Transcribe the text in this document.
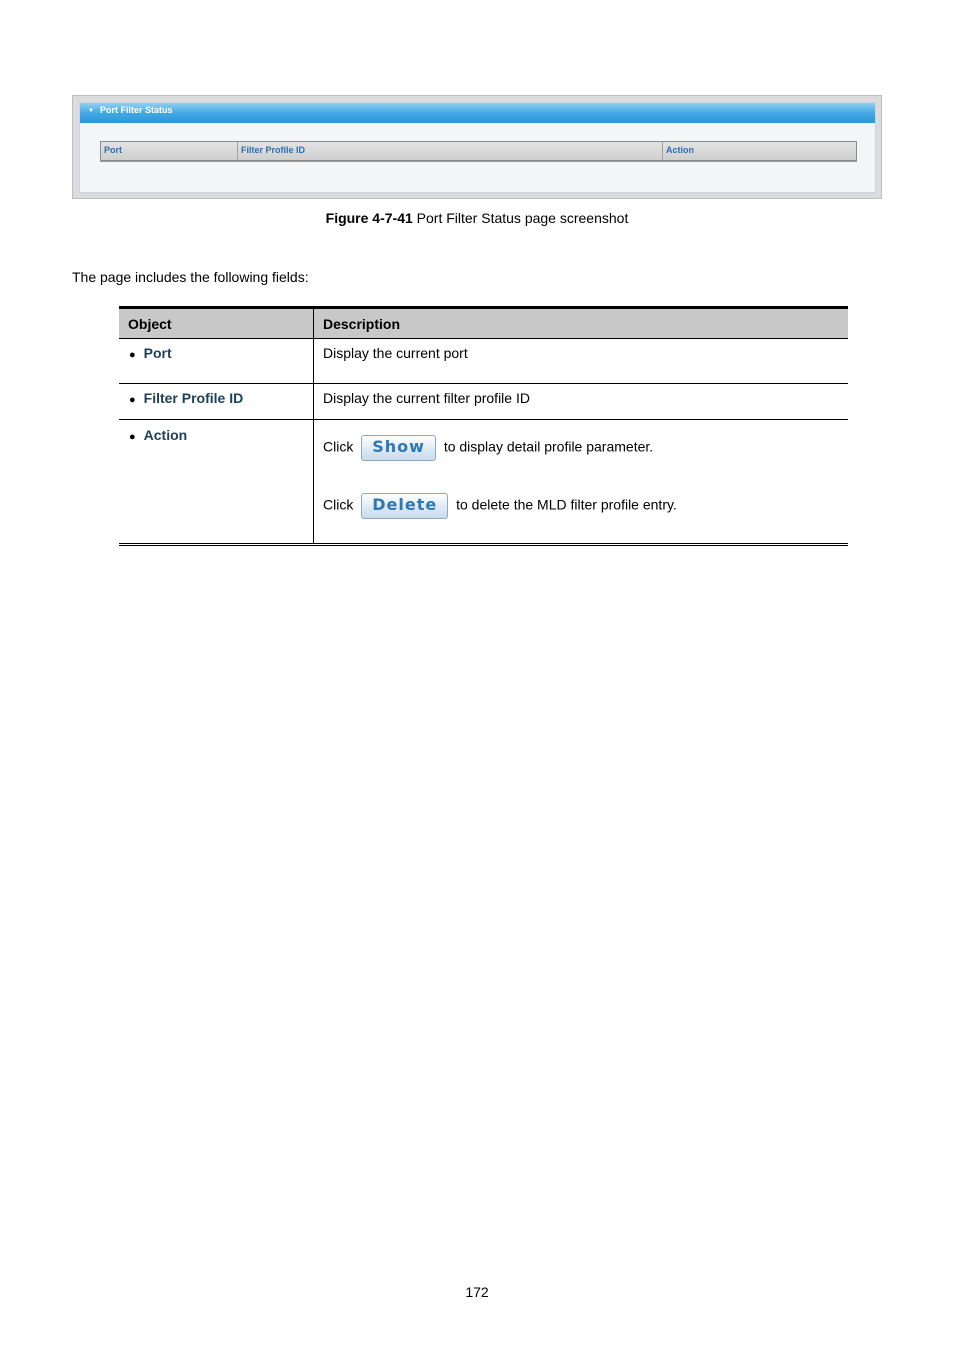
▼ Port Filter Status
Port	Filter Profile ID	Action
Figure 4-7-41 Port Filter Status page screenshot
The page includes the following fields:
Object	Description
● Port	Display the current port
● Filter Profile ID	Display the current filter profile ID
● Action	Click Show to display detail profile parameter.
Click Delete to delete the MLD filter profile entry.
172
